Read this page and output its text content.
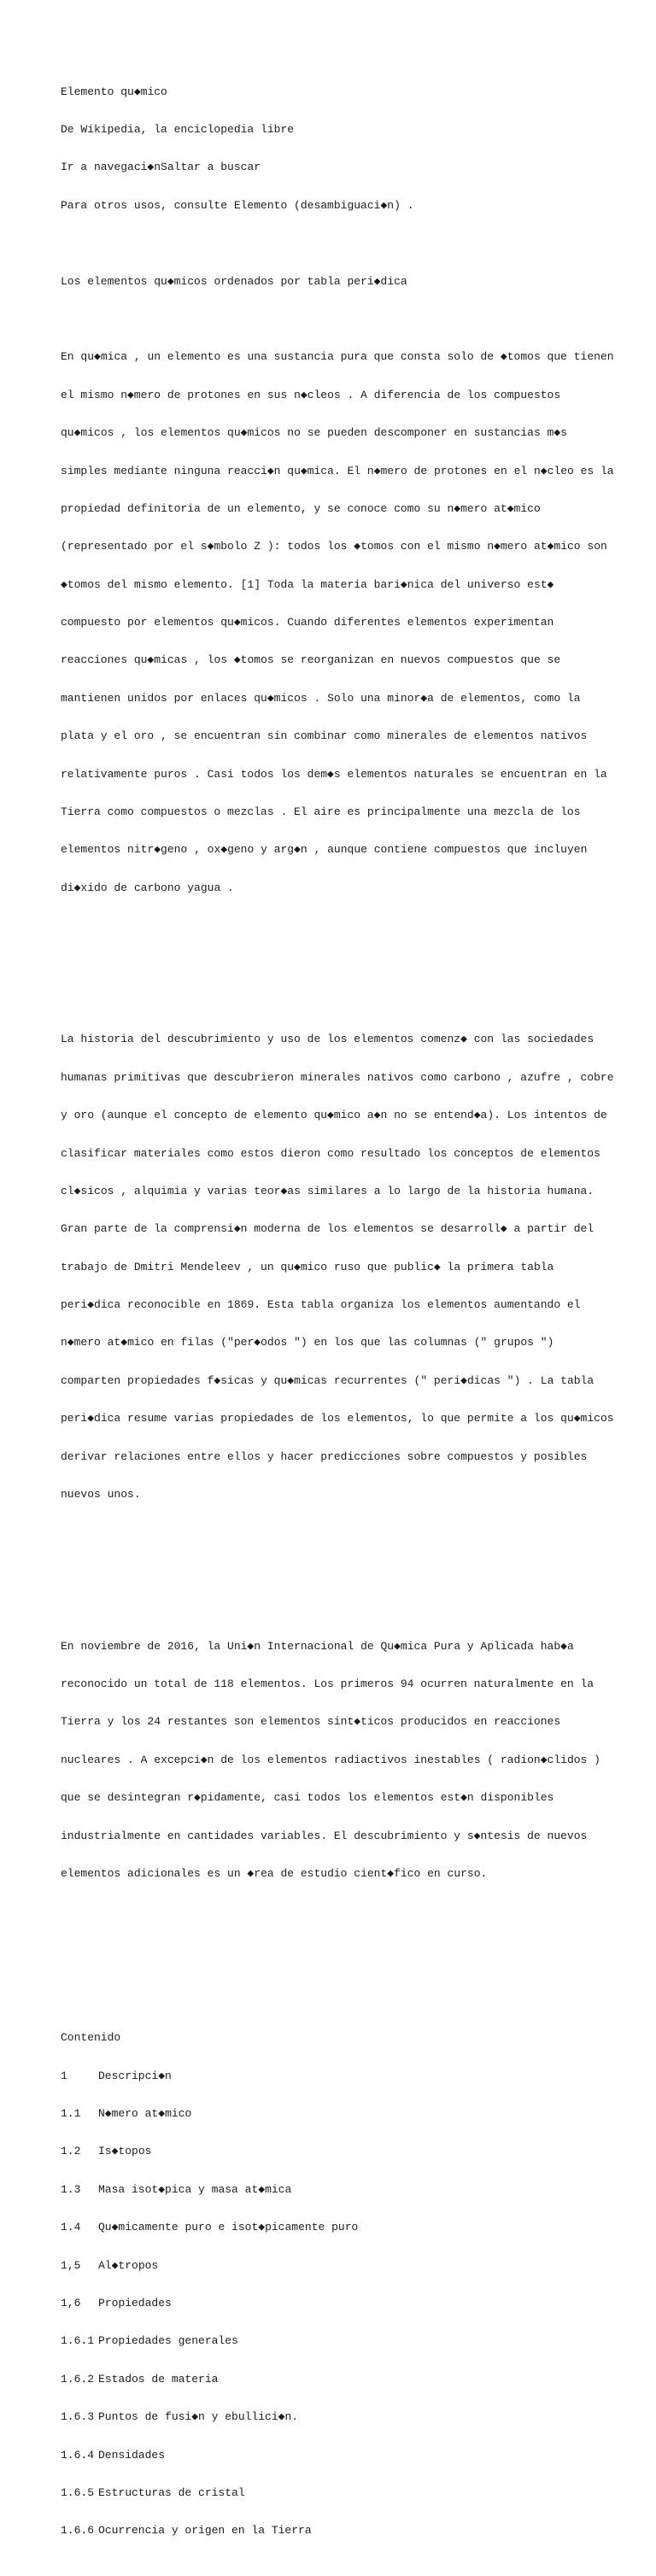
Elemento qu◆mico

De Wikipedia, la enciclopedia libre

Ir a navegaci◆nSaltar a buscar

Para otros usos, consulte Elemento (desambiguaci◆n) .

Los elementos qu◆micos ordenados por tabla peri◆dica

En qu◆mica , un elemento es una sustancia pura que consta solo de ◆tomos que tienen

el mismo n◆mero de protones en sus n◆cleos . A diferencia de los compuestos

qu◆micos , los elementos qu◆micos no se pueden descomponer en sustancias m◆s

simples mediante ninguna reacci◆n qu◆mica. El n◆mero de protones en el n◆cleo es la

propiedad definitoria de un elemento, y se conoce como su n◆mero at◆mico

(representado por el s◆mbolo Z ): todos los ◆tomos con el mismo n◆mero at◆mico son

◆tomos del mismo elemento. [1] Toda la materia bari◆nica del universo est◆

compuesto por elementos qu◆micos. Cuando diferentes elementos experimentan

reacciones qu◆micas , los ◆tomos se reorganizan en nuevos compuestos que se

mantienen unidos por enlaces qu◆micos . Solo una minor◆a de elementos, como la

plata y el oro , se encuentran sin combinar como minerales de elementos nativos

relativamente puros . Casi todos los dem◆s elementos naturales se encuentran en la

Tierra como compuestos o mezclas . El aire es principalmente una mezcla de los

elementos nitr◆geno , ox◆geno y arg◆n , aunque contiene compuestos que incluyen

di◆xido de carbono yagua .

La historia del descubrimiento y uso de los elementos comenz◆ con las sociedades

humanas primitivas que descubrieron minerales nativos como carbono , azufre , cobre

y oro (aunque el concepto de elemento qu◆mico a◆n no se entend◆a). Los intentos de

clasificar materiales como estos dieron como resultado los conceptos de elementos

cl◆sicos , alquimia y varias teor◆as similares a lo largo de la historia humana.

Gran parte de la comprensi◆n moderna de los elementos se desarroll◆ a partir del

trabajo de Dmitri Mendeleev , un qu◆mico ruso que public◆ la primera tabla

peri◆dica reconocible en 1869. Esta tabla organiza los elementos aumentando el

n◆mero at◆mico en filas ("per◆odos ") en los que las columnas (" grupos ")

comparten propiedades f◆sicas y qu◆micas recurrentes (" peri◆dicas ") . La tabla

peri◆dica resume varias propiedades de los elementos, lo que permite a los qu◆micos

derivar relaciones entre ellos y hacer predicciones sobre compuestos y posibles

nuevos unos.

En noviembre de 2016, la Uni◆n Internacional de Qu◆mica Pura y Aplicada hab◆a

reconocido un total de 118 elementos. Los primeros 94 ocurren naturalmente en la

Tierra y los 24 restantes son elementos sint◆ticos producidos en reacciones

nucleares . A excepci◆n de los elementos radiactivos inestables ( radion◆clidos )

que se desintegran r◆pidamente, casi todos los elementos est◆n disponibles

industrialmente en cantidades variables. El descubrimiento y s◆ntesis de nuevos

elementos adicionales es un ◆rea de estudio cient◆fico en curso.

Contenido

1	Descripci◆n

1.1 N◆mero at◆mico

1.2 Is◆topos

1.3 Masa isot◆pica y masa at◆mica

1.4 Qu◆micamente puro e isot◆picamente puro

1,5 Al◆tropos

1,6 Propiedades

1.6.1 Propiedades generales

1.6.2 Estados de materia

1.6.3 Puntos de fusi◆n y ebullici◆n.

1.6.4 Densidades

1.6.5 Estructuras de cristal

1.6.6 Ocurrencia y origen en la Tierra
